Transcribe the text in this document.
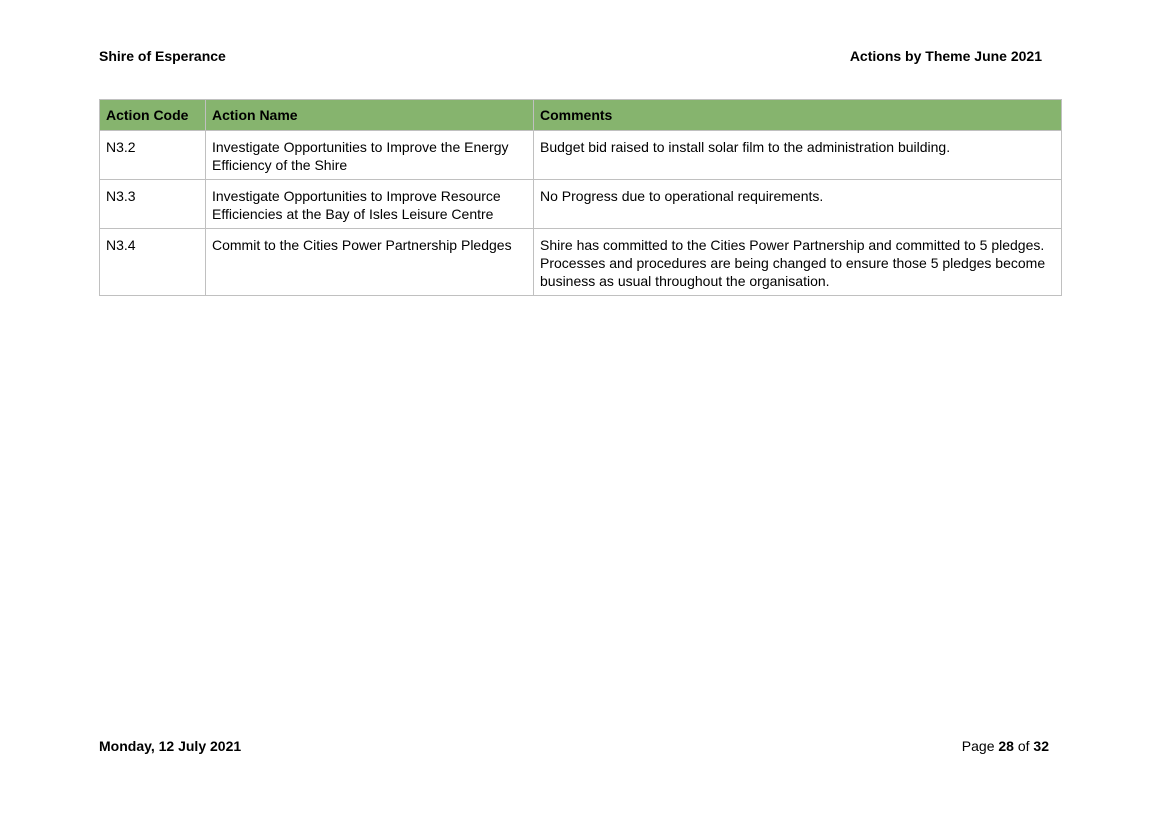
Shire of Esperance	Actions by Theme June 2021
Action Code	Action Name	Comments
N3.2	Investigate Opportunities to Improve the Energy Efficiency of the Shire	Budget bid raised to install solar film to the administration building.
N3.3	Investigate Opportunities to Improve Resource Efficiencies at the Bay of Isles Leisure Centre	No Progress due to operational requirements.
N3.4	Commit to the Cities Power Partnership Pledges	Shire has committed to the Cities Power Partnership and committed to 5 pledges. Processes and procedures are being changed to ensure those 5 pledges become business as usual throughout the organisation.
Monday, 12 July 2021	Page 28 of 32
